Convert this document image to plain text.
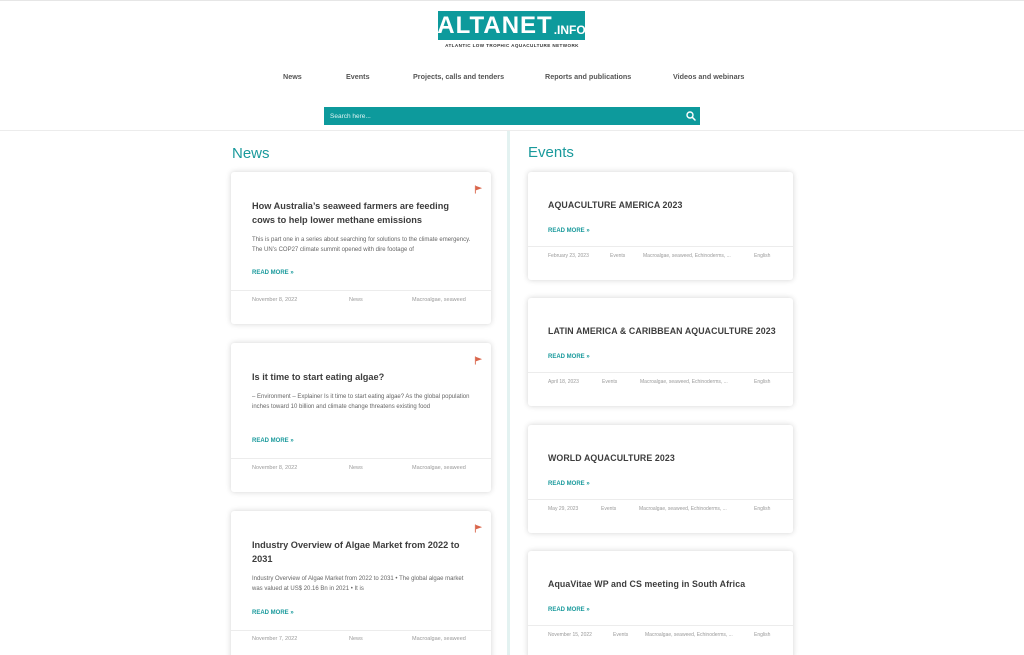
ALTANET .INFO
ATLANTIC LOW TROPHIC AQUACULTURE NETWORK
News	Events	Projects, calls and tenders	Reports and publications	Videos and webinars
Search here...
News
How Australia’s seaweed farmers are feeding cows to help lower methane emissions
This is part one in a series about searching for solutions to the climate emergency. The UN’s COP27 climate summit opened with dire footage of
READ MORE »
November 8, 2022	News	Macroalgae, seaweed
Is it time to start eating algae?
– Environment – Explainer Is it time to start eating algae? As the global population inches toward 10 billion and climate change threatens existing food
READ MORE »
November 8, 2022	News	Macroalgae, seaweed
Industry Overview of Algae Market from 2022 to 2031
Industry Overview of Algae Market from 2022 to 2031 • The global algae market was valued at US$ 20.16 Bn in 2021 • It is
READ MORE »
November 7, 2022	News	Macroalgae, seaweed
Events
AQUACULTURE AMERICA 2023
READ MORE »
February 23, 2023	Events	Macroalgae, seaweed, Echinoderms, ...	English
LATIN AMERICA & CARIBBEAN AQUACULTURE 2023
READ MORE »
April 18, 2023	Events	Macroalgae, seaweed, Echinoderms, ...	English
WORLD AQUACULTURE 2023
READ MORE »
May 29, 2023	Events	Macroalgae, seaweed, Echinoderms, ...	English
AquaVitae WP and CS meeting in South Africa
READ MORE »
November 15, 2022	Events	Macroalgae, seaweed, Echinoderms, ...	English
